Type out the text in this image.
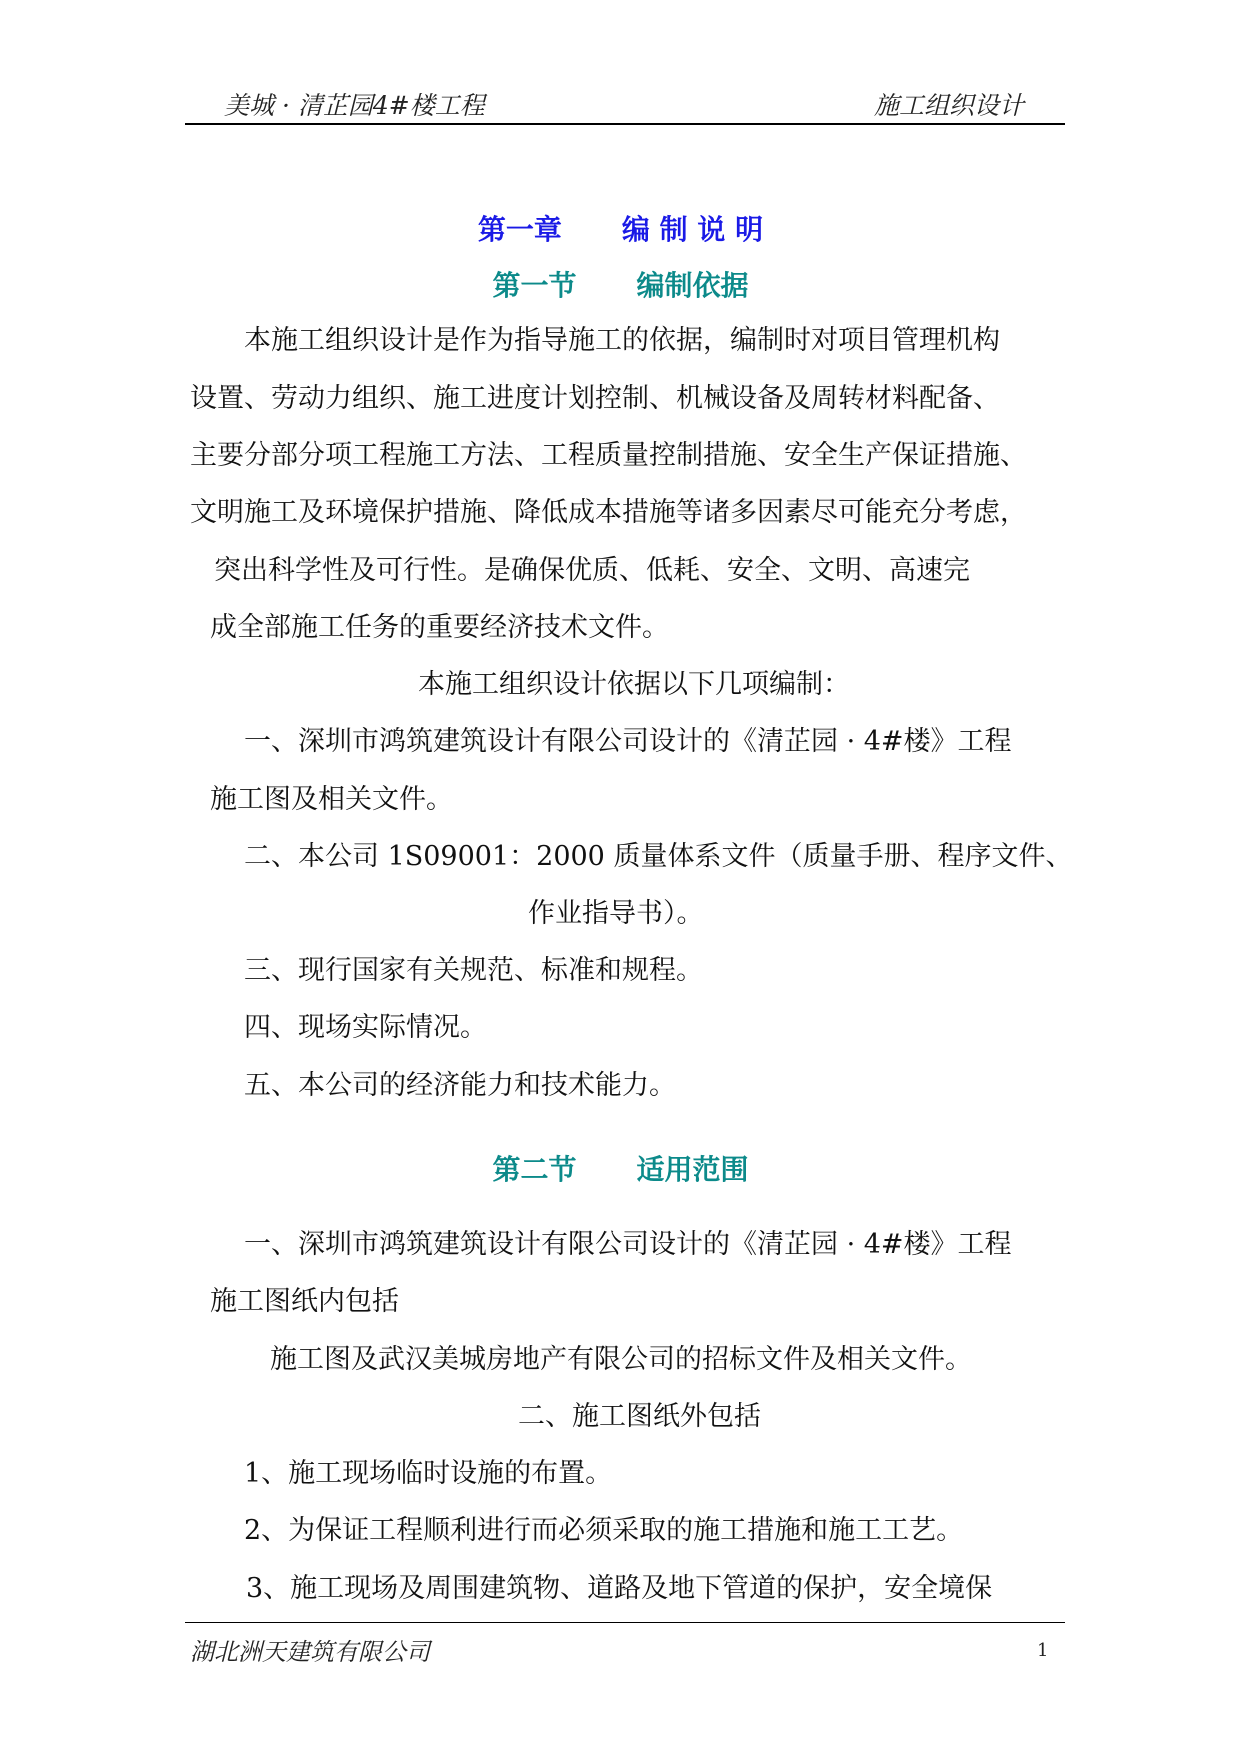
美城 · 清芷园4#楼工程	施工组织设计
第一章 编 制 说 明
第一节 编制依据
本施工组织设计是作为指导施工的依据，编制时对项目管理机构
设置、劳动力组织、施工进度计划控制、机械设备及周转材料配备、
主要分部分项工程施工方法、工程质量控制措施、安全生产保证措施、
文明施工及环境保护措施、降低成本措施等诸多因素尽可能充分考虑，
突出科学性及可行性。是确保优质、低耗、安全、文明、高速完
成全部施工任务的重要经济技术文件。
本施工组织设计依据以下几项编制：
一、深圳市鸿筑建筑设计有限公司设计的《清芷园 · 4#楼》工程
施工图及相关文件。
二、本公司 1S09001：2000 质量体系文件（质量手册、程序文件、
作业指导书）。
三、现行国家有关规范、标准和规程。
四、现场实际情况。
五、本公司的经济能力和技术能力。
第二节 适用范围
一、深圳市鸿筑建筑设计有限公司设计的《清芷园 · 4#楼》工程
施工图纸内包括
施工图及武汉美城房地产有限公司的招标文件及相关文件。
二、施工图纸外包括
1、施工现场临时设施的布置。
2、为保证工程顺利进行而必须采取的施工措施和施工工艺。
3、施工现场及周围建筑物、道路及地下管道的保护，安全境保
湖北洲天建筑有限公司	1
